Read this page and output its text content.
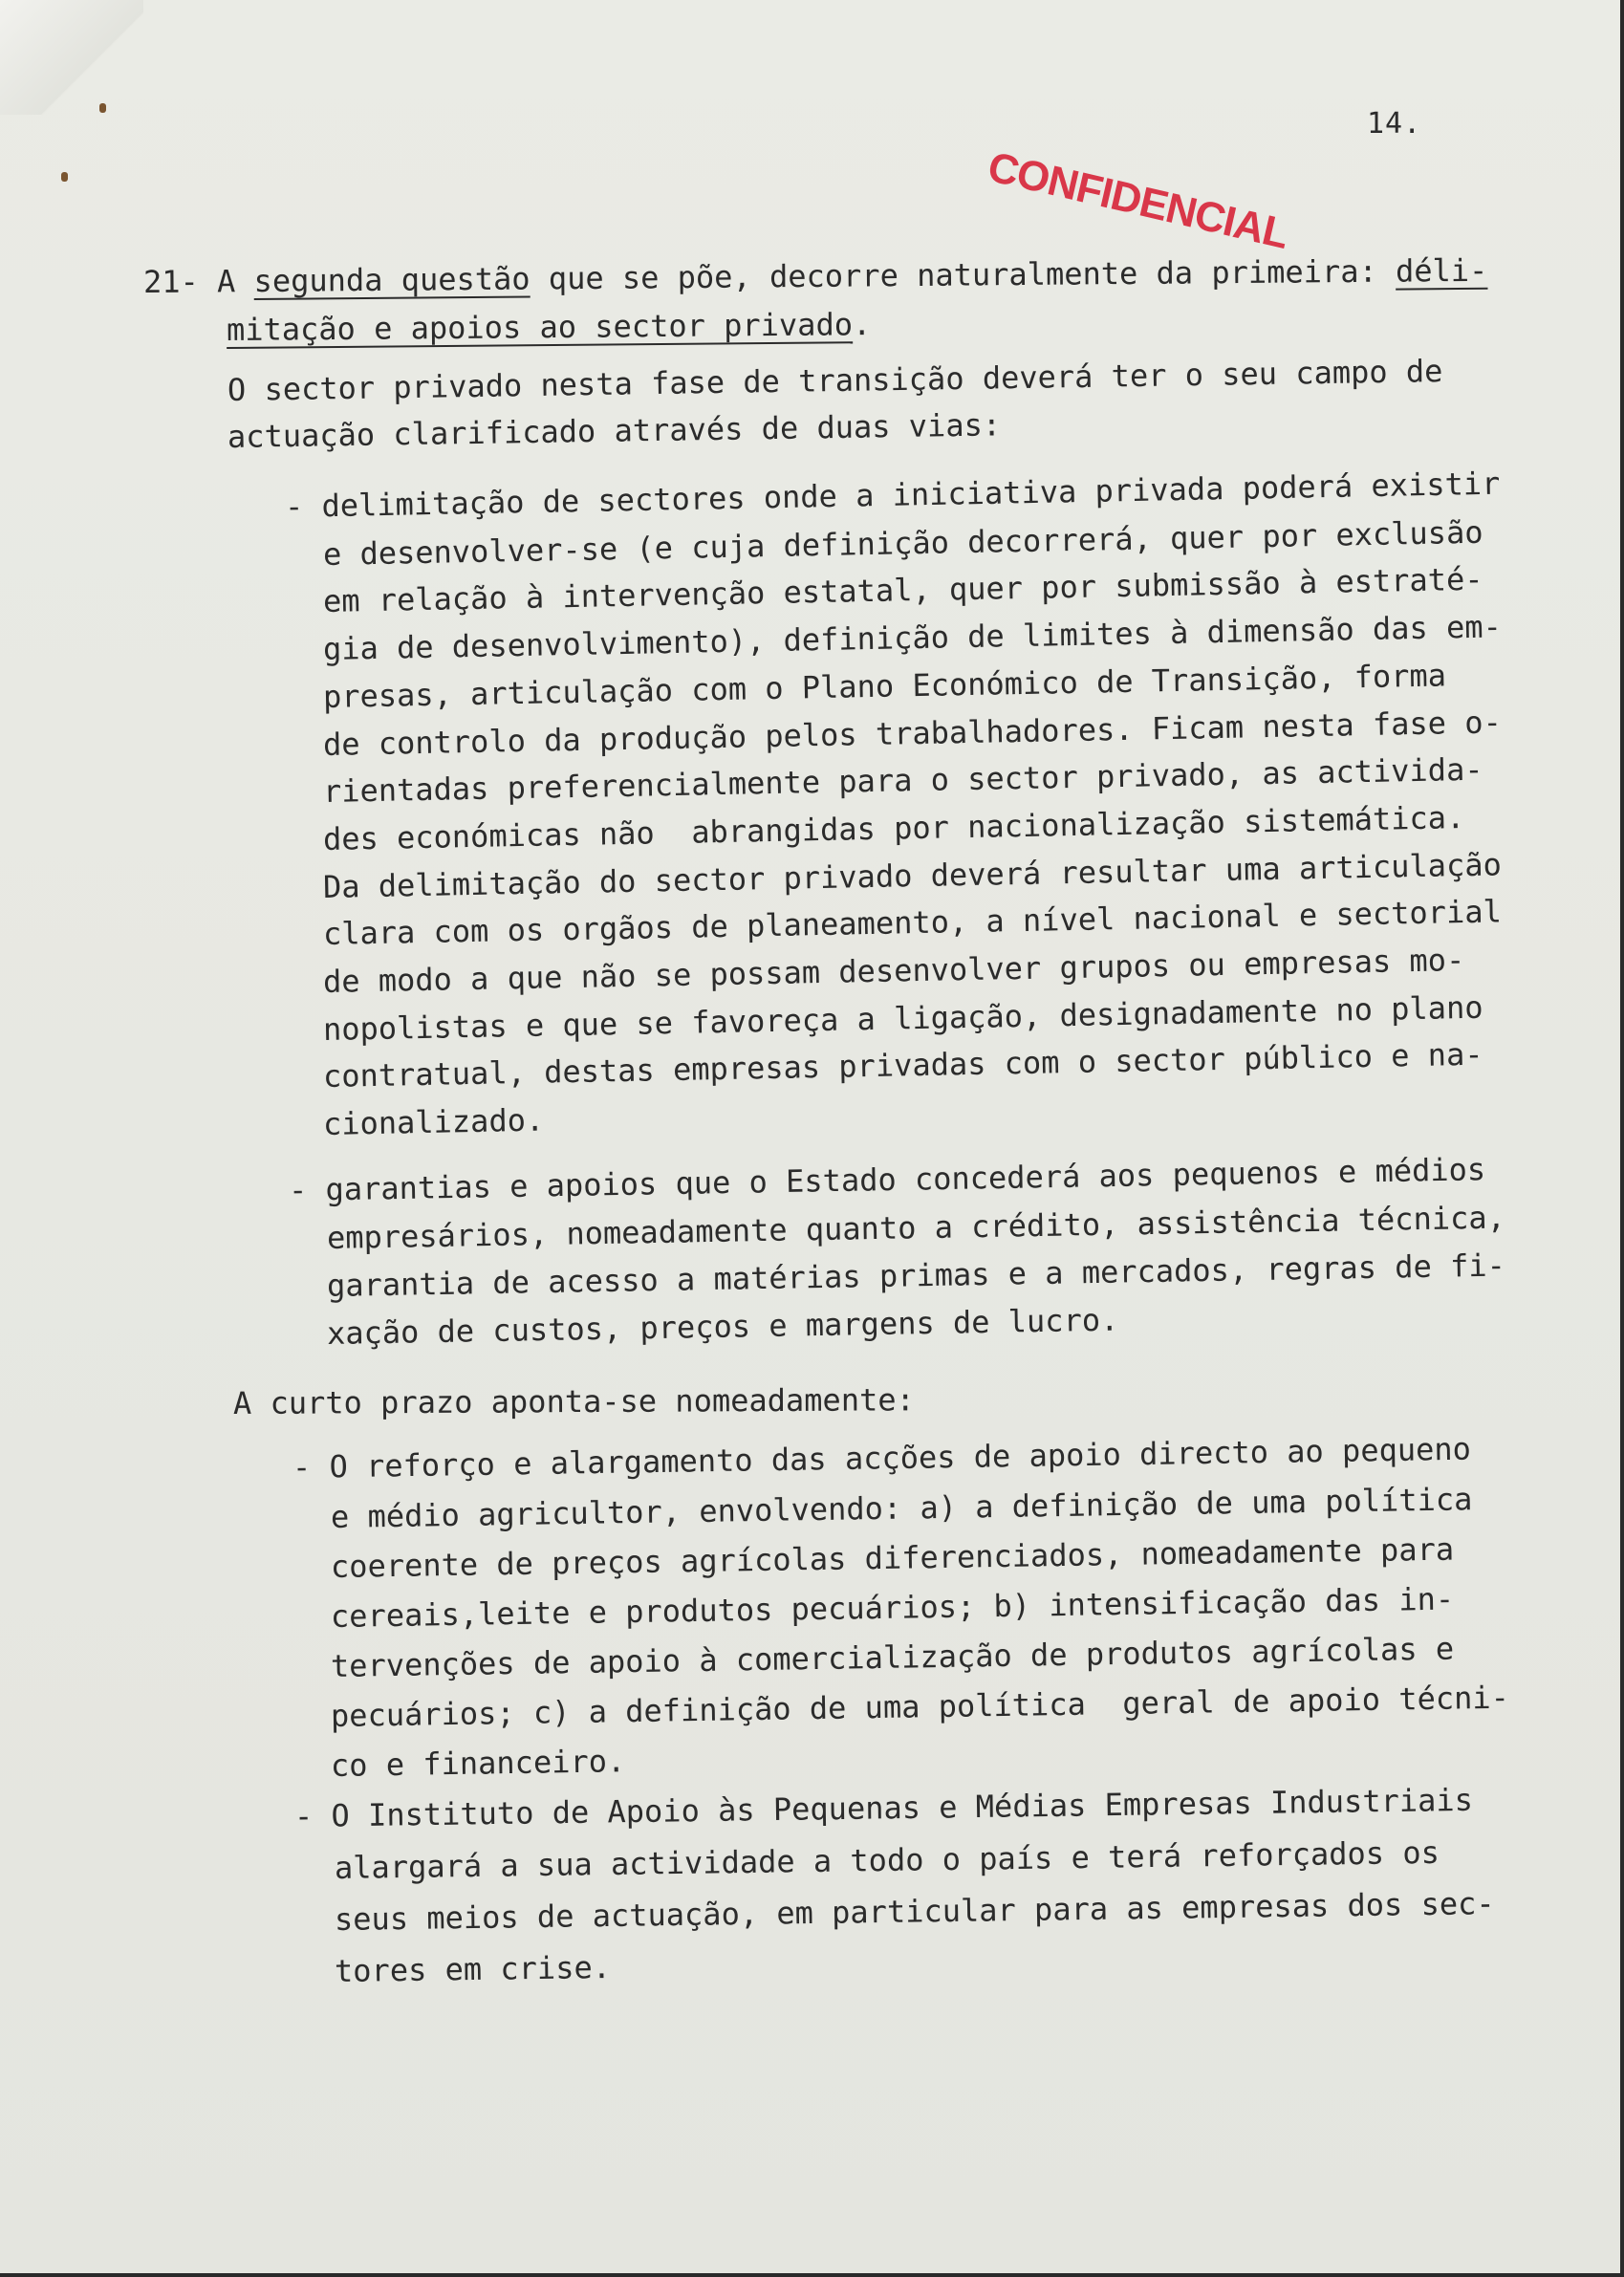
14.
CONFIDENCIAL
21- A segunda questão que se põe, decorre naturalmente da primeira: déli-
mitação e apoios ao sector privado.
O sector privado nesta fase de transição deverá ter o seu campo de
actuação clarificado através de duas vias:
- delimitação de sectores onde a iniciativa privada poderá existir
e desenvolver-se (e cuja definição decorrerá, quer por exclusão
em relação à intervenção estatal, quer por submissão à estraté-
gia de desenvolvimento), definição de limites à dimensão das em-
presas, articulação com o Plano Económico de Transição, forma
de controlo da produção pelos trabalhadores. Ficam nesta fase o-
rientadas preferencialmente para o sector privado, as activida-
des económicas não  abrangidas por nacionalização sistemática.
Da delimitação do sector privado deverá resultar uma articulação
clara com os orgãos de planeamento, a nível nacional e sectorial
de modo a que não se possam desenvolver grupos ou empresas mo-
nopolistas e que se favoreça a ligação, designadamente no plano
contratual, destas empresas privadas com o sector público e na-
cionalizado.
- garantias e apoios que o Estado concederá aos pequenos e médios
empresários, nomeadamente quanto a crédito, assistência técnica,
garantia de acesso a matérias primas e a mercados, regras de fi-
xação de custos, preços e margens de lucro.
A curto prazo aponta-se nomeadamente:
- O reforço e alargamento das acções de apoio directo ao pequeno
e médio agricultor, envolvendo: a) a definição de uma política
coerente de preços agrícolas diferenciados, nomeadamente para
cereais,leite e produtos pecuários; b) intensificação das in-
tervenções de apoio à comercialização de produtos agrícolas e
pecuários; c) a definição de uma política  geral de apoio técni-
co e financeiro.
- O Instituto de Apoio às Pequenas e Médias Empresas Industriais
alargará a sua actividade a todo o país e terá reforçados os
seus meios de actuação, em particular para as empresas dos sec-
tores em crise.
